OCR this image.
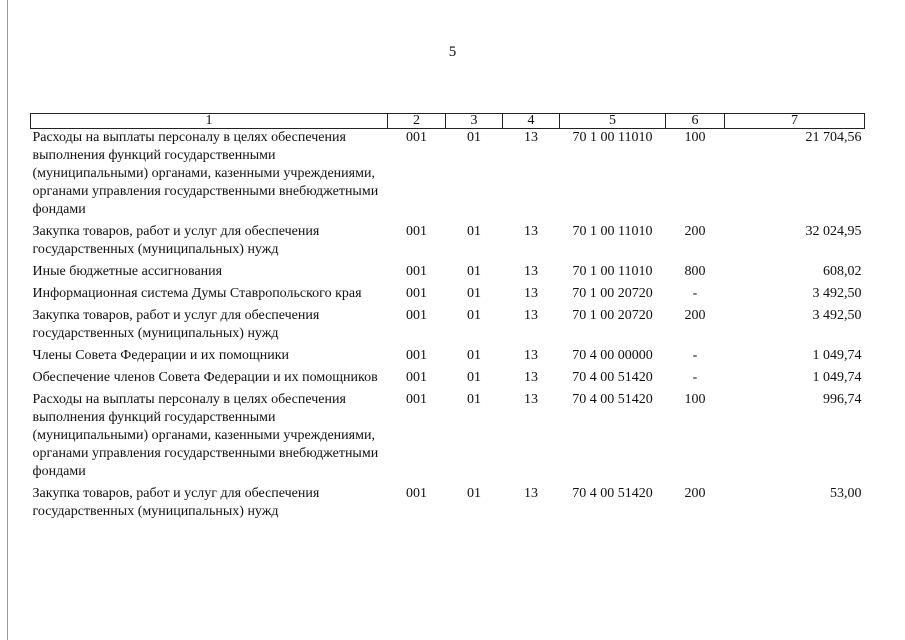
5
1	2	3	4	5	6	7
Расходы на выплаты персоналу в целях обеспечения выполнения функций государственными (муниципальными) органами, казенными учреждениями, органами управления государственными внебюджетными фондами	001	01	13	70 1 00 11010	100	21 704,56
Закупка товаров, работ и услуг для обеспечения государственных (муниципальных) нужд	001	01	13	70 1 00 11010	200	32 024,95
Иные бюджетные ассигнования	001	01	13	70 1 00 11010	800	608,02
Информационная система Думы Ставропольского края	001	01	13	70 1 00 20720	-	3 492,50
Закупка товаров, работ и услуг для обеспечения государственных (муниципальных) нужд	001	01	13	70 1 00 20720	200	3 492,50
Члены Совета Федерации и их помощники	001	01	13	70 4 00 00000	-	1 049,74
Обеспечение членов Совета Федерации и их помощников	001	01	13	70 4 00 51420	-	1 049,74
Расходы на выплаты персоналу в целях обеспечения выполнения функций государственными (муниципальными) органами, казенными учреждениями, органами управления государственными внебюджетными фондами	001	01	13	70 4 00 51420	100	996,74
Закупка товаров, работ и услуг для обеспечения государственных (муниципальных) нужд	001	01	13	70 4 00 51420	200	53,00
